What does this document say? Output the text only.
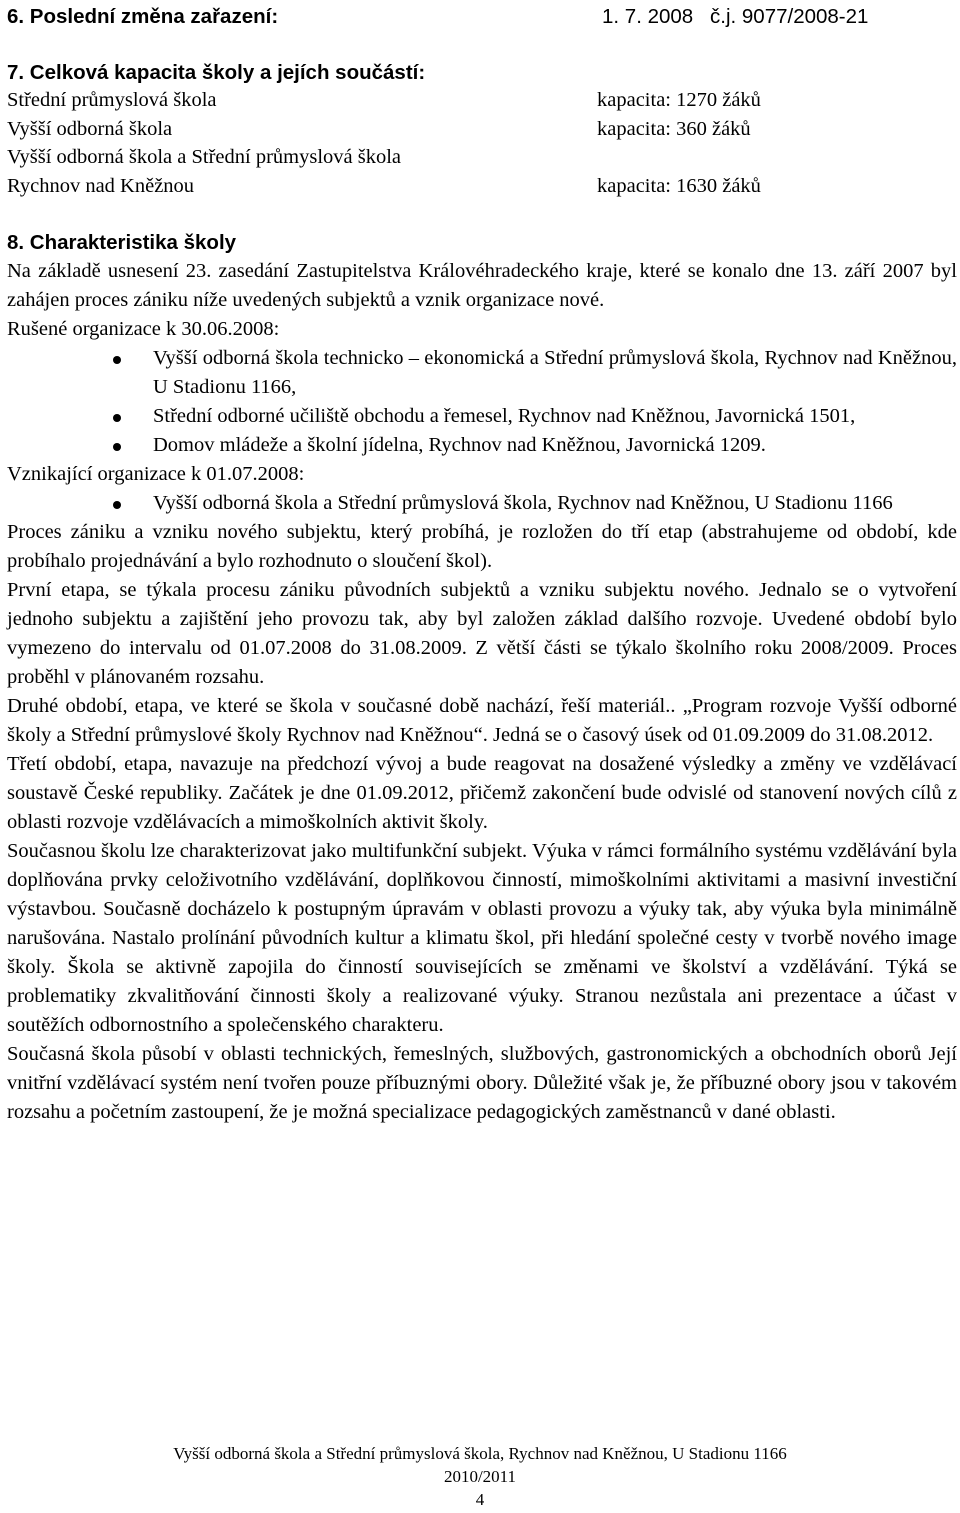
6. Poslední změna zařazení:	1. 7. 2008 č.j. 9077/2008-21
7. Celková kapacita školy a jejích součástí:
Střední průmyslová škola	kapacita: 1270 žáků
Vyšší odborná škola	kapacita: 360 žáků
Vyšší odborná škola a Střední průmyslová škola
Rychnov nad Kněžnou	kapacita: 1630 žáků
8. Charakteristika školy

Na základě usnesení 23. zasedání Zastupitelstva Královéhradeckého kraje, které se konalo dne 13. září 2007 byl zahájen proces zániku níže uvedených subjektů a vznik organizace nové.

Rušené organizace k 30.06.2008:

Vyšší odborná škola technicko – ekonomická a Střední průmyslová škola, Rychnov nad Kněžnou, U Stadionu 1166,

Střední odborné učiliště obchodu a řemesel, Rychnov nad Kněžnou, Javornická 1501,

Domov mládeže a školní jídelna, Rychnov nad Kněžnou, Javornická 1209.

Vznikající organizace k 01.07.2008:

Vyšší odborná škola a Střední průmyslová škola, Rychnov nad Kněžnou, U Stadionu 1166

Proces zániku a vzniku nového subjektu, který probíhá, je rozložen do tří etap (abstrahujeme od období, kde probíhalo projednávání a bylo rozhodnuto o sloučení škol).

První etapa, se týkala procesu zániku původních subjektů a vzniku subjektu nového. Jednalo se o vytvoření jednoho subjektu a zajištění jeho provozu tak, aby byl založen základ dalšího rozvoje. Uvedené období bylo vymezeno do intervalu od 01.07.2008 do 31.08.2009. Z větší části se týkalo školního roku 2008/2009. Proces proběhl v plánovaném rozsahu.

Druhé období, etapa, ve které se škola v současné době nachází, řeší materiál.. „Program rozvoje Vyšší odborné školy a Střední průmyslové školy Rychnov nad Kněžnou“. Jedná se o časový úsek od 01.09.2009 do 31.08.2012.

Třetí období, etapa, navazuje na předchozí vývoj a bude reagovat na dosažené výsledky a změny ve vzdělávací soustavě České republiky. Začátek je dne 01.09.2012, přičemž zakončení bude odvislé od stanovení nových cílů z oblasti rozvoje vzdělávacích a mimoškolních aktivit školy.

Současnou školu lze charakterizovat jako multifunkční subjekt. Výuka v rámci formálního systému vzdělávání byla doplňována prvky celoživotního vzdělávání, doplňkovou činností, mimoškolními aktivitami a masivní investiční výstavbou. Současně docházelo k postupným úpravám v oblasti provozu a výuky tak, aby výuka byla minimálně narušována. Nastalo prolínání původních kultur a klimatu škol, při hledání společné cesty v tvorbě nového image školy. Škola se aktivně zapojila do činností souvisejících se změnami ve školství a vzdělávání. Týká se problematiky zkvalitňování činnosti školy a realizované výuky. Stranou nezůstala ani prezentace a účast v soutěžích odbornostního a společenského charakteru.

Současná škola působí v oblasti technických, řemeslných, službových, gastronomických a obchodních oborů Její vnitřní vzdělávací systém není tvořen pouze příbuznými obory. Důležité však je, že příbuzné obory jsou v takovém rozsahu a početním zastoupení, že je možná specializace pedagogických zaměstnanců v dané oblasti.

Vyšší odborná škola a Střední průmyslová škola, Rychnov nad Kněžnou, U Stadionu 1166
2010/2011
4
